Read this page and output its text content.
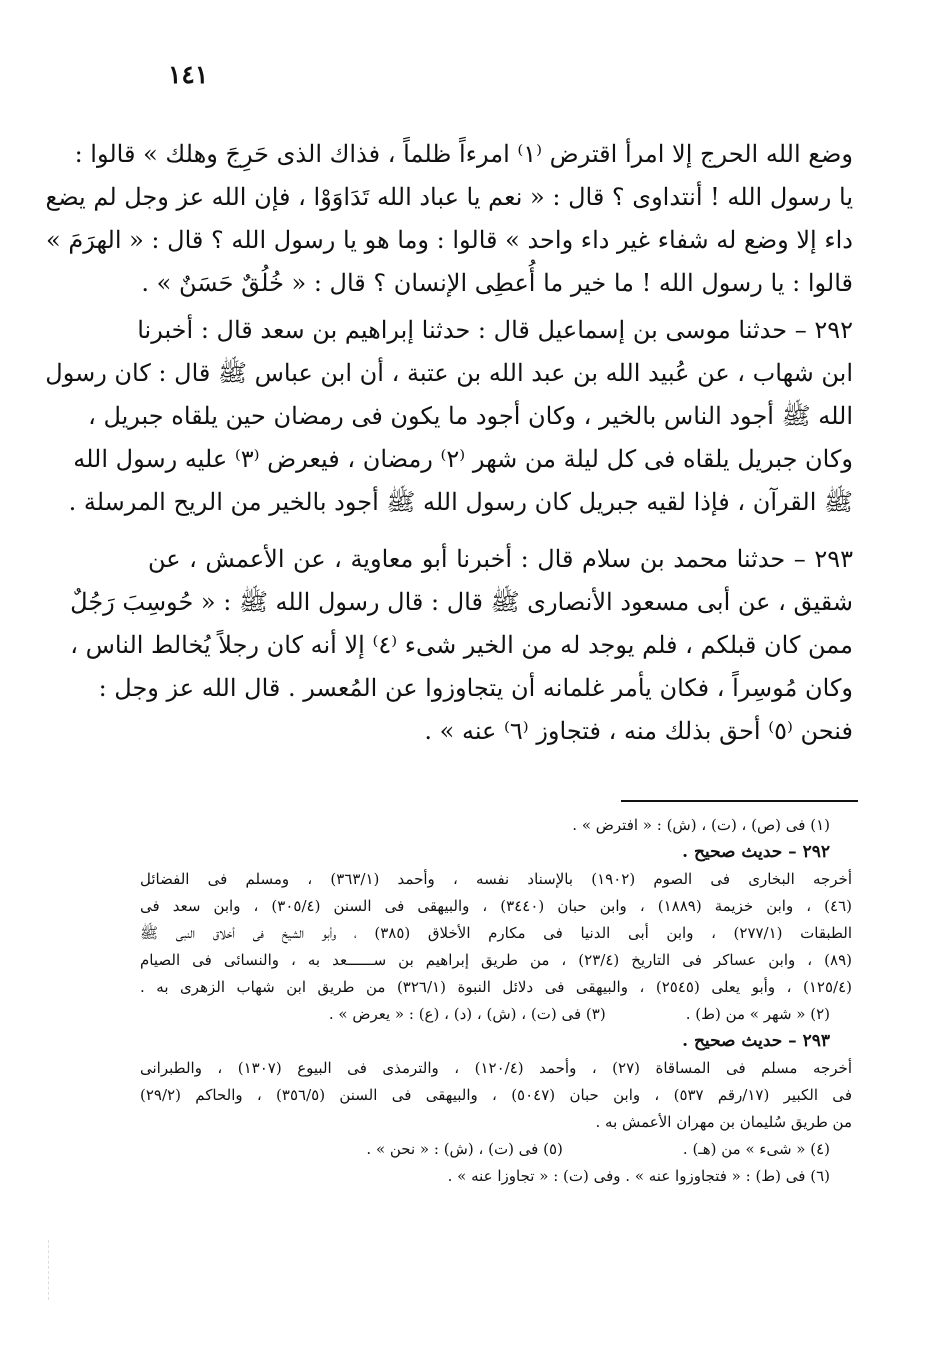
١٤١
وضع الله الحرج إلا امرأ اقترض ⁽١⁾ امرءاً ظلماً ، فذاك الذى حَرِجَ وهلك » قالوا :
يا رسول الله ! أنتداوى ؟ قال : « نعم يا عباد الله تَدَاوَوْا ، فإن الله عز وجل لم يضع
داء إلا وضع له شفاء غير داء واحد » قالوا : وما هو يا رسول الله ؟ قال : « الهرَمَ »
قالوا : يا رسول الله ! ما خير ما أُعطِى الإنسان ؟ قال : « خُلُقٌ حَسَنٌ » .
٢٩٢ – حدثنا موسى بن إسماعيل قال : حدثنا إبراهيم بن سعد قال : أخبرنا
ابن شهاب ، عن عُبيد الله بن عبد الله بن عتبة ، أن ابن عباس ﷺ قال : كان رسول
الله ﷺ أجود الناس بالخير ، وكان أجود ما يكون فى رمضان حين يلقاه جبريل ،
وكان جبريل يلقاه فى كل ليلة من شهر ⁽٢⁾ رمضان ، فيعرض ⁽٣⁾ عليه رسول الله
ﷺ القرآن ، فإذا لقيه جبريل كان رسول الله ﷺ أجود بالخير من الريح المرسلة .
٢٩٣ – حدثنا محمد بن سلام قال : أخبرنا أبو معاوية ، عن الأعمش ، عن
شقيق ، عن أبى مسعود الأنصارى ﷺ قال : قال رسول الله ﷺ : « حُوسِبَ رَجُلٌ
ممن كان قبلكم ، فلم يوجد له من الخير شىء ⁽٤⁾ إلا أنه كان رجلاً يُخالط الناس ،
وكان مُوسِراً ، فكان يأمر غلمانه أن يتجاوزوا عن المُعسر . قال الله عز وجل :
فنحن ⁽٥⁾ أحق بذلك منه ، فتجاوز ⁽٦⁾ عنه » .
(١) فى (ص) ، (ت) ، (ش) : « افترض » .
٢٩٢ – حديث صحيح .
أخرجه البخارى فى الصوم (١٩٠٢) بالإسناد نفسه ، وأحمد (٣٦٣/١) ، ومسلم فى الفضائل
(٤٦) ، وابن خزيمة (١٨٨٩) ، وابن حبان (٣٤٤٠) ، والبيهقى فى السنن (٣٠٥/٤) ، وابن سعد فى
الطبقات (٢٧٧/١) ، وابن أبى الدنيا فى مكارم الأخلاق (٣٨٥) ، وأبو الشيخ فى أخلاق النبى ﷺ
(٨٩) ، وابن عساكر فى التاريخ (٢٣/٤) ، من طريق إبراهيم بن ســــــعد به ، والنسائى فى الصيام
(١٢٥/٤) ، وأبو يعلى (٢٥٤٥) ، والبيهقى فى دلائل النبوة (٣٢٦/١) من طريق ابن شهاب الزهرى به .
(٢) « شهر » من (ط) .
(٣) فى (ت) ، (ش) ، (د) ، (ع) : « يعرض » .
٢٩٣ – حديث صحيح .
أخرجه مسلم فى المساقاة (٢٧) ، وأحمد (١٢٠/٤) ، والترمذى فى البيوع (١٣٠٧) ، والطبرانى
فى الكبير (١٧/رقم ٥٣٧) ، وابن حبان (٥٠٤٧) ، والبيهقى فى السنن (٣٥٦/٥) ، والحاكم (٢٩/٢)
من طريق سُليمان بن مهران الأعمش به .
(٤) « شىء » من (هـ) .
(٥) فى (ت) ، (ش) : « نحن » .
(٦) فى (ط) : « فتجاوزوا عنه » . وفى (ت) : « تجاوزا عنه » .
